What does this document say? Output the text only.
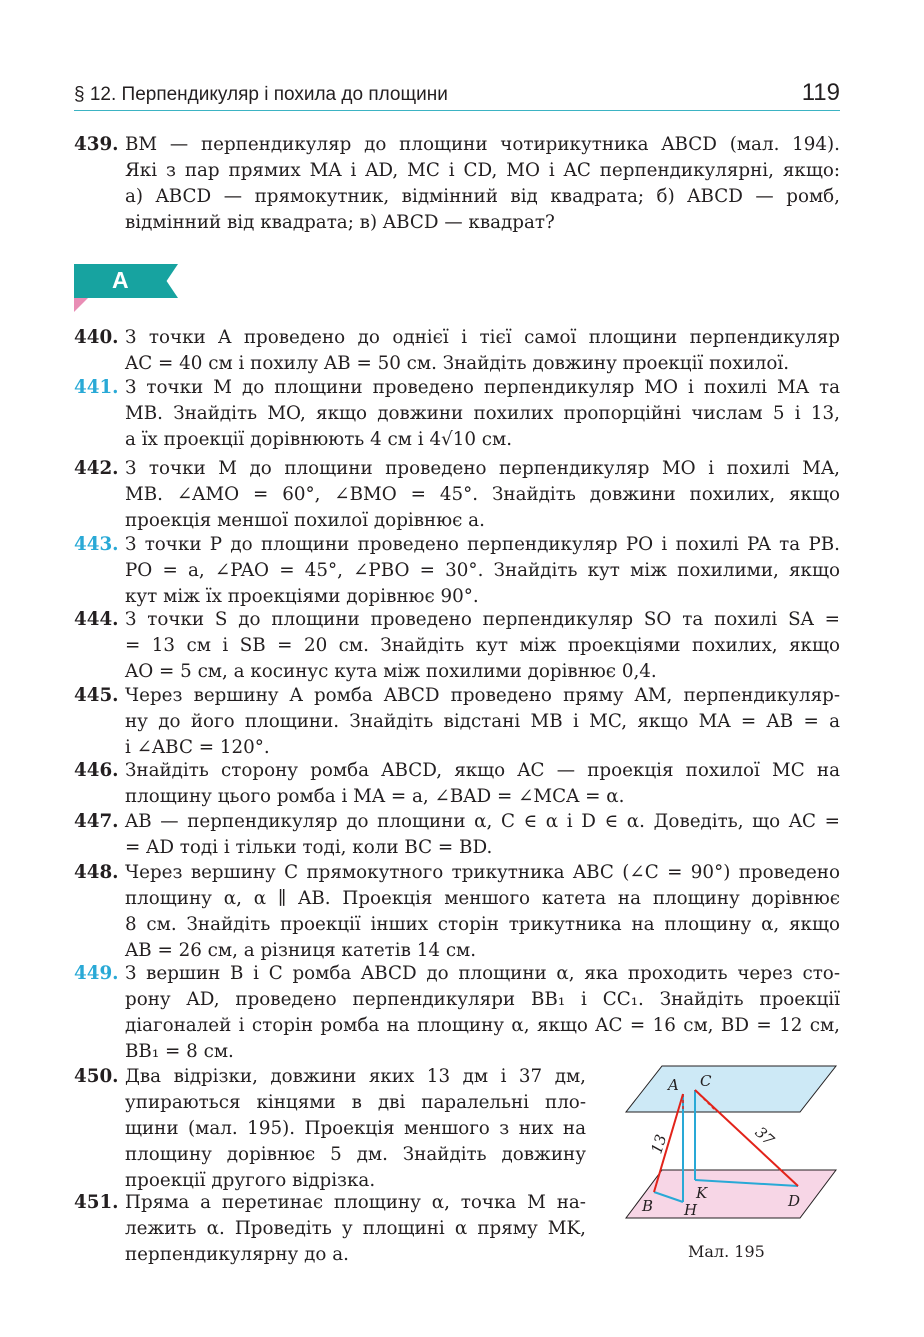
§ 12. Перпендикуляр і похила до площини	119
439. BM — перпендикуляр до площини чотирикутника ABCD (мал. 194).
Які з пар прямих MA і AD, MC і CD, MO і AC перпендикулярні, якщо:
а) ABCD — прямокутник, відмінний від квадрата; б) ABCD — ромб,
відмінний від квадрата; в) ABCD — квадрат?
А
440. З точки A проведено до однієї і тієї самої площини перпендикуляр
AC = 40 см і похилу AB = 50 см. Знайдіть довжину проекції похилої.
441. З точки M до площини проведено перпендикуляр MO і похилі MA та
MB. Знайдіть MO, якщо довжини похилих пропорційні числам 5 і 13,
а їх проекції дорівнюють 4 см і 4√10 см.
442. З точки M до площини проведено перпендикуляр MO і похилі MA,
MB. ∠AMO = 60°, ∠BMO = 45°. Знайдіть довжини похилих, якщо
проекція меншої похилої дорівнює a.
443. З точки P до площини проведено перпендикуляр PO і похилі PA та PB.
PO = a, ∠PAO = 45°, ∠PBO = 30°. Знайдіть кут між похилими, якщо
кут між їх проекціями дорівнює 90°.
444. З точки S до площини проведено перпендикуляр SO та похилі SA =
= 13 см і SB = 20 см. Знайдіть кут між проекціями похилих, якщо
AO = 5 см, а косинус кута між похилими дорівнює 0,4.
445. Через вершину A ромба ABCD проведено пряму AM, перпендикуляр-
ну до його площини. Знайдіть відстані MB і MC, якщо MA = AB = a
і ∠ABC = 120°.
446. Знайдіть сторону ромба ABCD, якщо AC — проекція похилої MC на
площину цього ромба і MA = a, ∠BAD = ∠MCA = α.
447. AB — перпендикуляр до площини α, C ∈ α і D ∈ α. Доведіть, що AC =
= AD тоді і тільки тоді, коли BC = BD.
448. Через вершину C прямокутного трикутника ABC (∠C = 90°) проведено
площину α, α ∥ AB. Проекція меншого катета на площину дорівнює
8 см. Знайдіть проекції інших сторін трикутника на площину α, якщо
AB = 26 см, а різниця катетів 14 см.
449. З вершин B і C ромба ABCD до площини α, яка проходить через сто-
рону AD, проведено перпендикуляри BB₁ і CC₁. Знайдіть проекції
діагоналей і сторін ромба на площину α, якщо AC = 16 см, BD = 12 см,
BB₁ = 8 см.
450. Два відрізки, довжини яких 13 дм і 37 дм,
упираються кінцями в дві паралельні пло-
щини (мал. 195). Проекція меншого з них на
площину дорівнює 5 дм. Знайдіть довжину
проекції другого відрізка.
451. Пряма a перетинає площину α, точка M на-
лежить α. Проведіть у площині α пряму MK,
перпендикулярну до a.
A C
13	37
K
B H	D
Мал. 195
